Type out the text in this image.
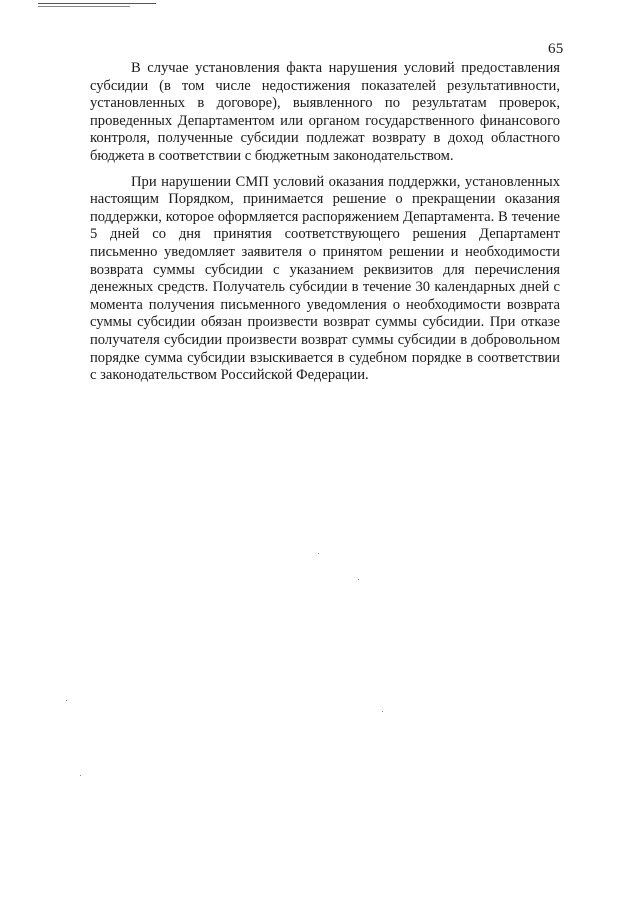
65

В случае установления факта нарушения условий предоставления субсидии (в том числе недостижения показателей результативности, установленных в договоре), выявленного по результатам проверок, проведенных Департаментом или органом государственного финансового контроля, полученные субсидии подлежат возврату в доход областного бюджета в соответствии с бюджетным законодательством.

При нарушении СМП условий оказания поддержки, установленных настоящим Порядком, принимается решение о прекращении оказания поддержки, которое оформляется распоряжением Департамента. В течение 5 дней со дня принятия соответствующего решения Департамент письменно уведомляет заявителя о принятом решении и необходимости возврата суммы субсидии с указанием реквизитов для перечисления денежных средств. Получатель субсидии в течение 30 календарных дней с момента получения письменного уведомления о необходимости возврата суммы субсидии обязан произвести возврат суммы субсидии. При отказе получателя субсидии произвести возврат суммы субсидии в добровольном порядке сумма субсидии взыскивается в судебном порядке в соответствии с законодательством Российской Федерации.
